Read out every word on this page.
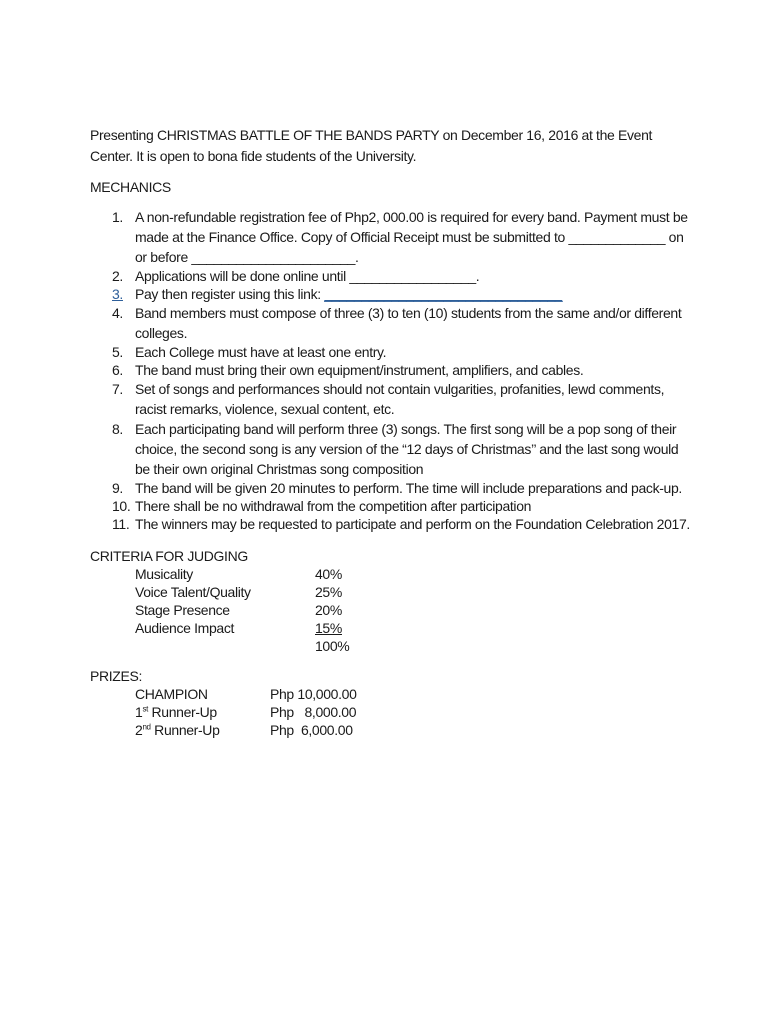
Presenting CHRISTMAS BATTLE OF THE BANDS PARTY on December 16, 2016 at the Event Center. It is open to bona fide students of the University.

MECHANICS

1. A non-refundable registration fee of Php2, 000.00 is required for every band. Payment must be made at the Finance Office. Copy of Official Receipt must be submitted to _____________ on or before ______________________.
2. Applications will be done online until _________________.
3. Pay then register using this link: ________________________________
4. Band members must compose of three (3) to ten (10) students from the same and/or different colleges.
5. Each College must have at least one entry.
6. The band must bring their own equipment/instrument, amplifiers, and cables.
7. Set of songs and performances should not contain vulgarities, profanities, lewd comments, racist remarks, violence, sexual content, etc.
8. Each participating band will perform three (3) songs. The first song will be a pop song of their choice, the second song is any version of the “12 days of Christmas’’ and the last song would be their own original Christmas song composition
9. The band will be given 20 minutes to perform. The time will include preparations and pack-up.
10. There shall be no withdrawal from the competition after participation
11. The winners may be requested to participate and perform on the Foundation Celebration 2017.

CRITERIA FOR JUDGING

Musicality	40%
Voice Talent/Quality	25%
Stage Presence	20%
Audience Impact	15%
	100%

PRIZES:

CHAMPION	Php 10,000.00
1st Runner-Up	Php   8,000.00
2nd Runner-Up	Php  6,000.00
